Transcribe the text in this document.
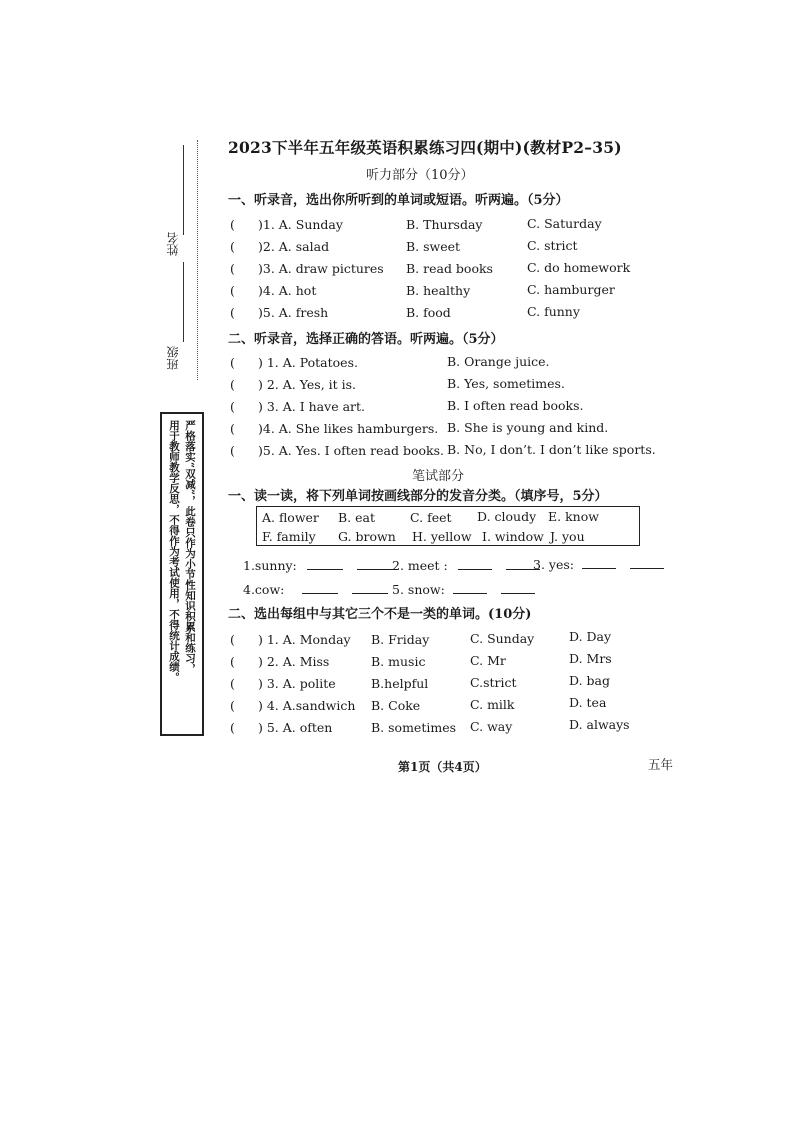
姓名
班级
严格落实“双减”，此卷只作为小节性知识积累和练习，
用于教师教学反思，不得作为考试使用，不得统计成绩。
2023下半年五年级英语积累练习四(期中)(教材P2–35)
听力部分（10分）
一、听录音，选出你所听到的单词或短语。听两遍。（5分）
( )1. A. Sunday	B. Thursday	C. Saturday
( )2. A. salad	B. sweet	C. strict
( )3. A. draw pictures B. read books	C. do homework
( )4. A. hot	B. healthy	C. hamburger
( )5. A. fresh	B. food	C. funny
二、听录音，选择正确的答语。听两遍。（5分）
( ) 1. A. Potatoes.	B. Orange juice.
( ) 2. A. Yes, it is.	B. Yes, sometimes.
( ) 3. A. I have art.	B. I often read books.
( )4. A. She likes hamburgers. B. She is young and kind.
( )5. A. Yes. I often read books. B. No, I don’t. I don’t like sports.
笔试部分
一、读一读，将下列单词按画线部分的发音分类。（填序号，5分）
A. flower B. eat	C. feet D. cloudy E. know
F. family G. brown H. yellow I. window J. you
1.sunny:	2. meet :	3. yes:
4.cow:	5. snow:
二、选出每组中与其它三个不是一类的单词。(10分)
( ) 1. A. Monday B. Friday	C. Sunday	D. Day
( ) 2. A. Miss	B. music	C. Mr	D. Mrs
( ) 3. A. polite	B.helpful	C.strict	D. bag
( ) 4. A.sandwich B. Coke	C. milk	D. tea
( ) 5. A. often	B. sometimes C. way	D. always
第1页（共4页）	五年
